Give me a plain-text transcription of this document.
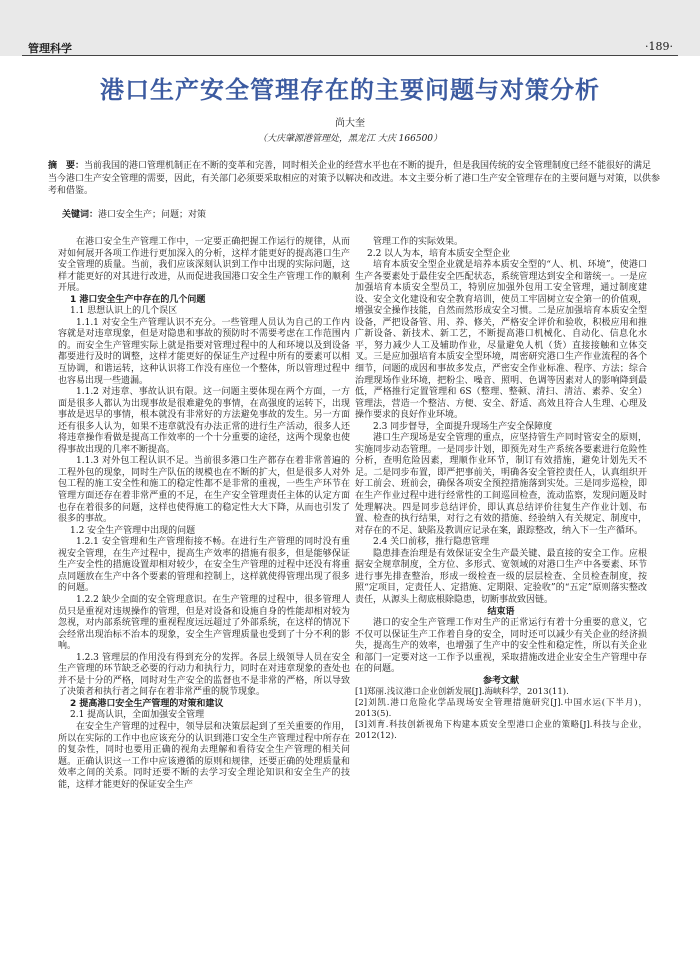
管理科学	·189·
港口生产安全管理存在的主要问题与对策分析
尚大奎
（大庆肇源港管理处，黑龙江 大庆 166500）
摘　要：当前我国的港口管理机制正在不断的变革和完善，同时相关企业的经营水平也在不断的提升，但是我国传统的安全管理制度已经不能很好的满足当今港口生产安全管理的需要，因此，有关部门必须要采取相应的对策予以解决和改进。本文主要分析了港口生产安全管理存在的主要问题与对策，以供参考和借鉴。
关键词：港口安全生产；问题；对策

在港口安全生产管理工作中，一定要正确把握工作运行的规律，从而对如何展开各项工作进行更加深入的分析，这样才能更好的提高港口生产安全管理的质量。当前，我们应该深刻认识到工作中出现的实际问题，这样才能更好的对其进行改进，从而促进我国港口安全生产管理工作的顺利开展。

1 港口安全生产中存在的几个问题

1.1 思想认识上的几个误区

1.1.1 对安全生产管理认识不充分。一些管理人员认为自己的工作内容就是对违章现象，但是对隐患和事故的预防时不需要考虑在工作范围内的。而安全生产管理实际上就是指要对管理过程中的人和环境以及到设备都要进行及时的调整，这样才能更好的保证生产过程中所有的要素可以相互协调，和谐运转，这种认识将工作没有座位一个整体，所以管理过程中也容易出现一些遗漏。

1.1.2 对违章、事故认识有限。这一问题主要体现在两个方面，一方面是很多人都认为出现事故是很难避免的事情，在高强度的运转下，出现事故是迟早的事情，根本就没有非常好的方法避免事故的发生。另一方面还有很多人认为，如果不违章就没有办法正常的进行生产活动，很多人还将违章操作看做是提高工作效率的一个十分重要的途径，这两个现象也使得事故出现的几率不断提高。

1.1.3 对外包工程认识不足。当前很多港口生产都存在着非常普遍的工程外包的现象，同时生产队伍的规模也在不断的扩大，但是很多人对外包工程的施工安全性和施工的稳定性都不是非常的重视，一些生产环节在管理方面还存在着非常严重的不足，在生产安全管理责任主体的认定方面也存在着很多的问题，这样也使得施工的稳定性大大下降，从而也引发了很多的事故。

1.2 安全生产管理中出现的问题

1.2.1 安全管理和生产管理衔接不畅。在进行生产管理的同时没有重视安全管理，在生产过程中，提高生产效率的措施有很多，但是能够保证生产安全性的措施设置却相对较少，在安全生产管理的过程中还没有将重点同题放在生产中各个要素的管理和控制上，这样就使得管理出现了很多的问题。

1.2.2 缺少全面的安全管理意识。在生产管理的过程中，很多管理人员只是重视对违规操作的管理，但是对设备和设施自身的性能却相对较为忽视，对内部系统管理的重视程度远远超过了外部系统，在这样的情况下会经常出现治标不治本的现象，安全生产管理质量也受到了十分不利的影响。

1.2.3 管理层的作用没有得到充分的发挥。各层上级领导人员在安全生产管理的环节缺乏必要的行动力和执行力，同时在对违章现象的查处也并不是十分的严格，同时对生产安全的监督也不是非常的严格，所以导致了决策者和执行者之间存在着非常严重的脱节现象。

2 提高港口安全生产管理的对策和建议

2.1 提高认识，全面加强安全管理

在安全生产管理的过程中，领导层和决策层起到了至关重要的作用，所以在实际的工作中也应该充分的认识到港口安全生产管理过程中所存在的复杂性，同时也要用正确的视角去理解和看待安全生产管理的相关问题。正确认识这一工作中应该遵循的原则和规律，还要正确的处理质量和效率之间的关系。同时还要不断的去学习安全理论知识和安全生产的技能，这样才能更好的保证安全生产

管理工作的实际效果。

2.2 以人为本，培育本质安全型企业

培育本质安全型企业就是培养本质安全型的“人、机、环境”，使港口生产各要素处于最佳安全匹配状态，系统管理达到安全和谐统一。一是应加强培育本质安全型员工，特别应加强外包用工安全管理，通过制度建设、安全文化建设和安全教育培训，使员工牢固树立安全第一的价值观，增强安全操作技能，自然而然形成安全习惯。二是应加强培育本质安全型设备，严把设备管、用、养、修关，严格安全评价和验收，积极应用和推广新设备、新技术、新工艺，不断提高港口机械化、自动化、信息化水平，努力减少人工及辅助作业，尽量避免人机（货）直接接触和立体交叉。三是应加强培育本质安全型环境，周密研究港口生产作业流程的各个细节，问题的成因和事故多发点，严密安全作业标准、程序、方法；综合治理现场作业环境，把粉尘、噪音、照明、色调等因素对人的影响降到最低，严格推行定置管理和 6S（整理、整顿、清扫、清洁、素养、安全）管理法，营造一个整洁、方便、安全、舒适、高效且符合人生理、心理及操作要求的良好作业环境。

2.3 同步督导，全面提升现场生产安全保障度

港口生产现场是安全管理的重点，应坚持管生产同时管安全的原则，实施同步动态管理。一是同步计划，即预先对生产系统各要素进行危险性分析，查明危险因素，理顺作业环节，制订有效措施，避免计划先天不足。二是同步布置，即严把事前关，明确各安全管控责任人，认真组织开好工前会、班前会，确保各项安全预控措施落到实处。三是同步巡检，即在生产作业过程中进行经常性的工间巡回检查，流动监察，发现问题及时处理解决。四是同步总结评价，即认真总结评价往复生产作业计划、布置、检查的执行结果，对行之有效的措施、经验纳入有关规定、制度中，对存在的不足、缺陷及教训应记录在案，跟踪整改，纳入下一生产循环。

2.4 关口前移，推行隐患管理

隐患排查治理是有效保证安全生产最关键、最直接的安全工作。应根据安全规章制度，全方位、多形式、宽领域的对港口生产中各要素、环节进行事先排查整治，形成一级检查一级的层层检查、全员检查制度，按照“定项目，定责任人、定措施、定期限、定验收”的“五定”原则落实整改责任，从源头上彻底根除隐患，切断事故致因链。

结束语

港口的安全生产管理工作对生产的正常运行有着十分重要的意义，它不仅可以保证生产工作着自身的安全，同时还可以减少有关企业的经济损失，提高生产的效率，也增强了生产中的安全性和稳定性，所以有关企业和部门一定要对这一工作予以重视，采取措施改进企业安全生产管理中存在的问题。

参考文献

[1]郑丽.浅议港口企业创新发展[J].海峡科学，2013(11).

[2]刘凯.港口危险化学品现场安全管理措施研究[J].中国水运(下半月)，2013(5).

[3]刘育.科技创新视角下构建本质安全型港口企业的策略[J].科技与企业，2012(12).
